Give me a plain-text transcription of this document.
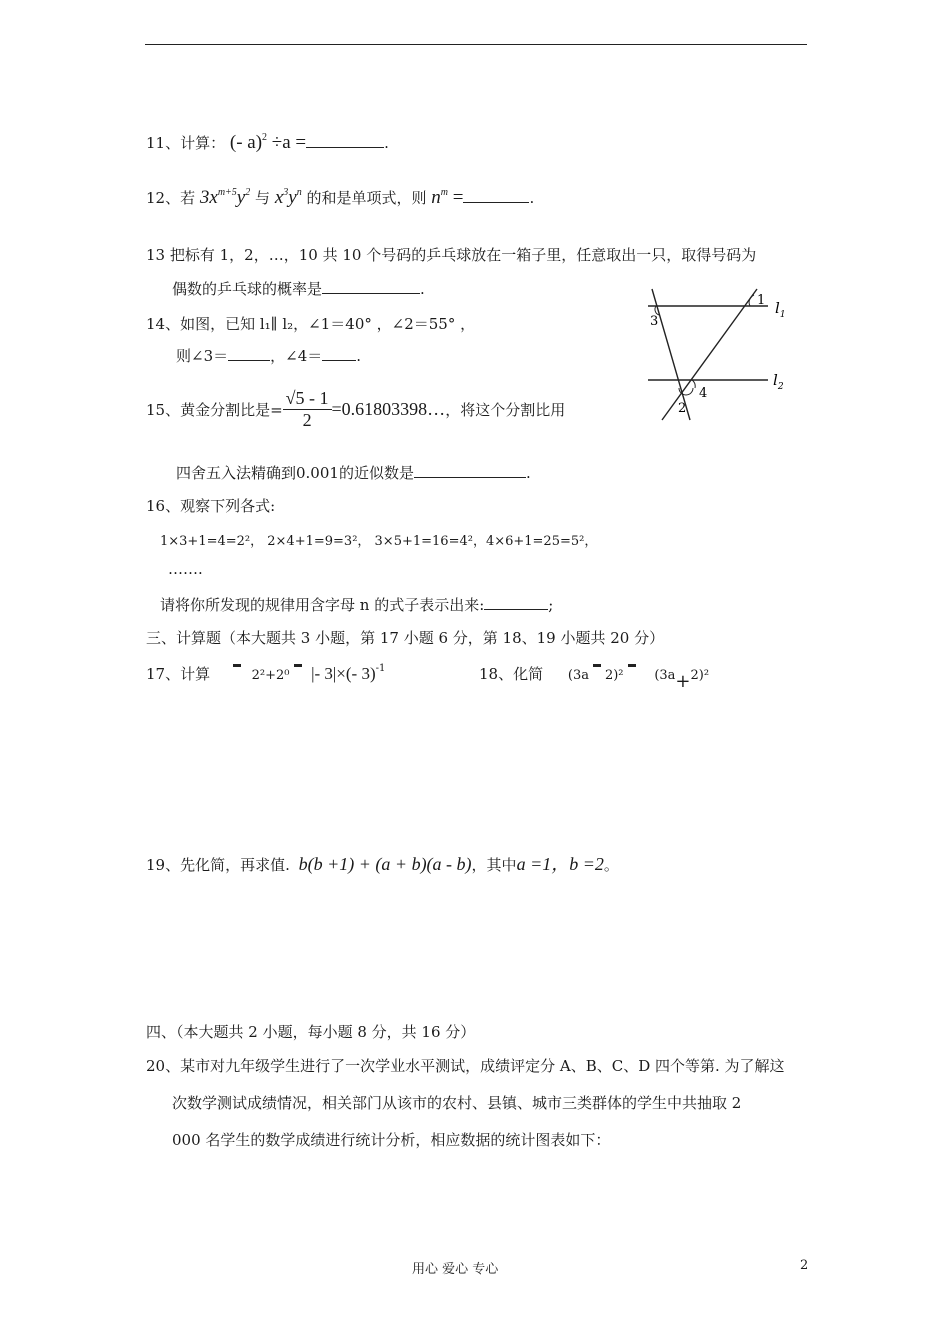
11、计算： (- a)$^2$ ÷a =	.
12、若 $3x^{m+5}y^2$ 与 $x^3y^n$ 的和是单项式，则 $n^m$ =	.
13 把标有 1，2，…，10 共 10 个号码的乒乓球放在一箱子里，任意取出一只，取得号码为
偶数的乒乓球的概率是	.
14、如图，已知 l₁∥ l₂，∠1＝40° ，∠2＝55° ，
则∠3＝	，∠4＝ .
1
3
2
4
$l_1$
$l_2$
15、黄金分割比是= $\frac{√5 - 1}{2}$ =0.61803398…，将这个分割比用
四舍五入法精确到0.001的近似数是	.
16、观察下列各式:
1×3+1=4=2²， 2×4+1=9=3²， 3×5+1=16=4²，4×6+1=25=5²，
…….
请将你所发现的规律用含字母 n 的式子表示出来:	;
三、计算题（本大题共 3 小题，第 17 小题 6 分，第 18、19 小题共 20 分）
17、计算	2²+2⁰ |- 3|×(- 3)$^{-1}$	18、化简 (3a 2)² (3a+2)²
19、先化简，再求值. b(b +1) + (a + b)(a - b)，其中a =1，b =2。
四、（本大题共 2 小题，每小题 8 分，共 16 分）
20、某市对九年级学生进行了一次学业水平测试，成绩评定分 A、B、C、D 四个等第. 为了解这
次数学测试成绩情况，相关部门从该市的农村、县镇、城市三类群体的学生中共抽取 2
000 名学生的数学成绩进行统计分析，相应数据的统计图表如下：
用心 爱心 专心	2
